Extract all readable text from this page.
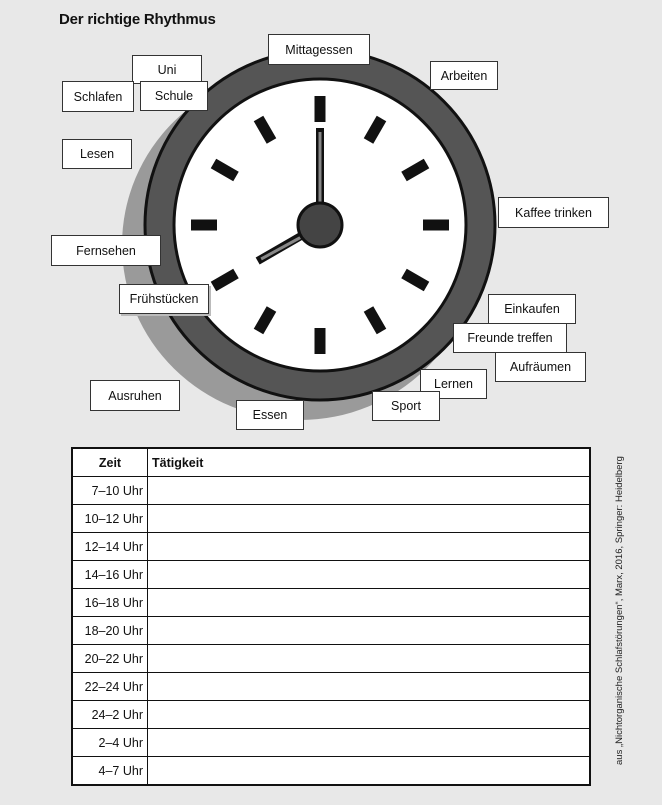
Der richtige Rhythmus
Mittagessen
Arbeiten
Uni
Schlafen	Schule
Lesen
Kaffee trinken
Fernsehen
Frühstücken
Einkaufen
Freunde treffen
Aufräumen
Lernen
Sport
Ausruhen
Essen
Zeit	Tätigkeit
7–10 Uhr	
10–12 Uhr	
12–14 Uhr	
14–16 Uhr	
16–18 Uhr	
18–20 Uhr	
20–22 Uhr	
22–24 Uhr	
24–2 Uhr	
2–4 Uhr	
4–7 Uhr	
aus „Nichtorganische Schlafstörungen“, Marx, 2016, Springer: Heidelberg
